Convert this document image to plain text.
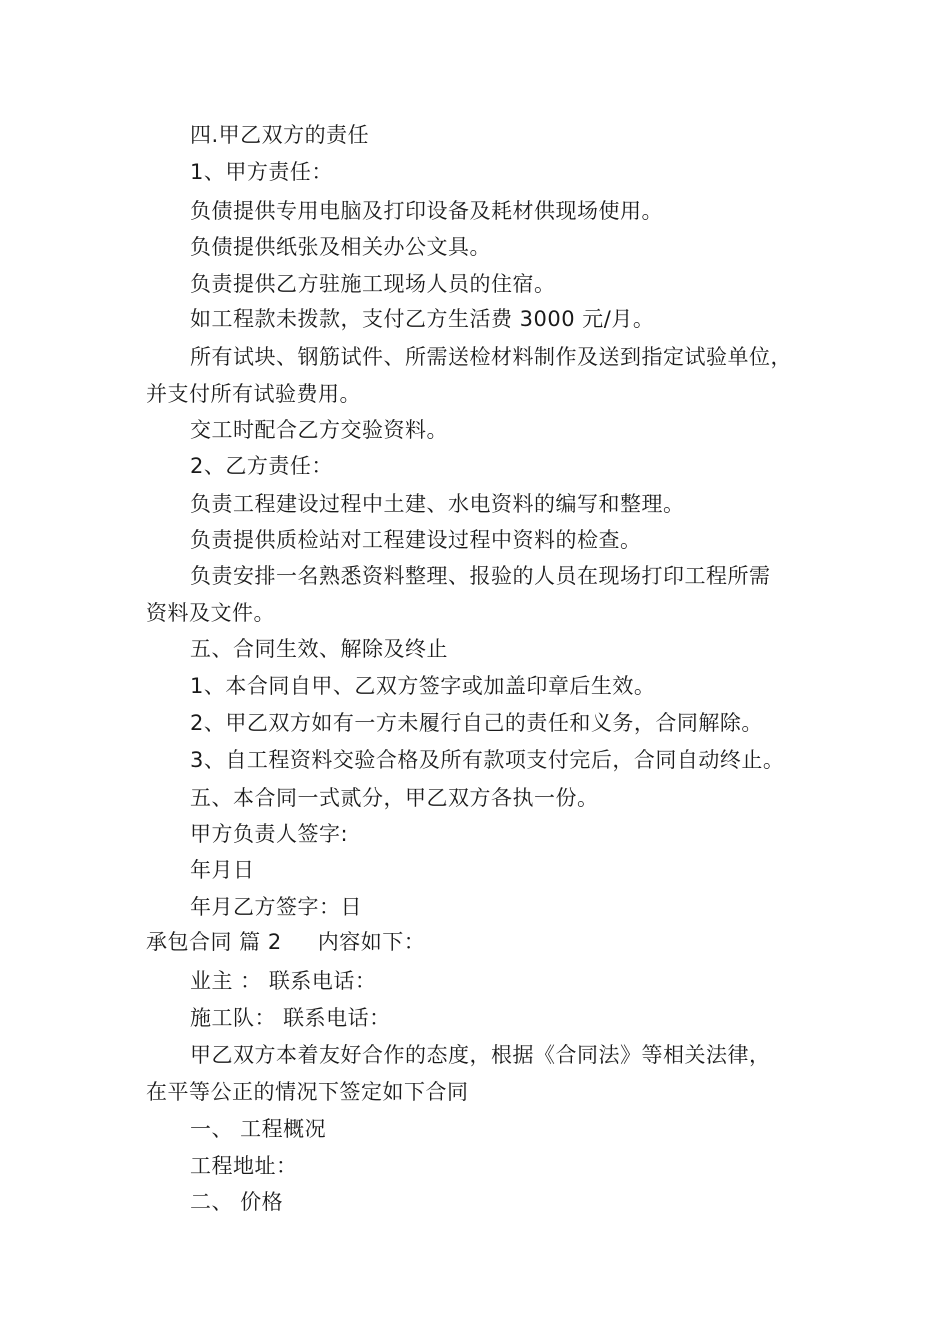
四.甲乙双方的责任
1、甲方责任：
负债提供专用电脑及打印设备及耗材供现场使用。
负债提供纸张及相关办公文具。
负责提供乙方驻施工现场人员的住宿。
如工程款未拨款，支付乙方生活费 3000 元/月。
所有试块、钢筋试件、所需送检材料制作及送到指定试验单位，
并支付所有试验费用。
交工时配合乙方交验资料。
2、乙方责任：
负责工程建设过程中土建、水电资料的编写和整理。
负责提供质检站对工程建设过程中资料的检查。
负责安排一名熟悉资料整理、报验的人员在现场打印工程所需
资料及文件。
五、合同生效、解除及终止
1、本合同自甲、乙双方签字或加盖印章后生效。
2、甲乙双方如有一方未履行自己的责任和义务，合同解除。
3、自工程资料交验合格及所有款项支付完后，合同自动终止。
五、本合同一式贰分，甲乙双方各执一份。
甲方负责人签字:
年月日
年月乙方签字：日
承包合同 篇 2 内容如下：
业主 ： 联系电话：
施工队： 联系电话：
甲乙双方本着友好合作的态度，根据《合同法》等相关法律，
在平等公正的情况下签定如下合同
一、 工程概况
工程地址：
二、 价格
